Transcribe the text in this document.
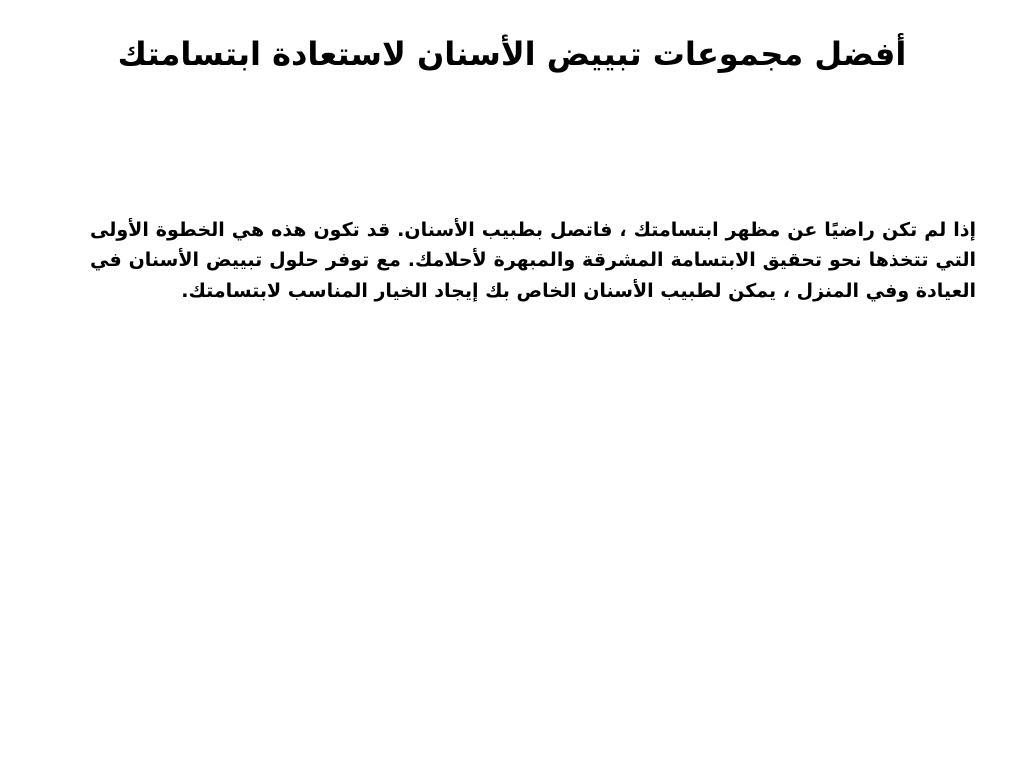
أفضل مجموعات تبييض الأسنان لاستعادة ابتسامتك

إذا لم تكن راضيًا عن مظهر ابتسامتك ، فاتصل بطبيب الأسنان. قد تكون هذه هي الخطوة الأولى التي تتخذها نحو تحقيق الابتسامة المشرقة والمبهرة لأحلامك. مع توفر حلول تبييض الأسنان في العيادة وفي المنزل ، يمكن لطبيب الأسنان الخاص بك إيجاد الخيار المناسب لابتسامتك.
